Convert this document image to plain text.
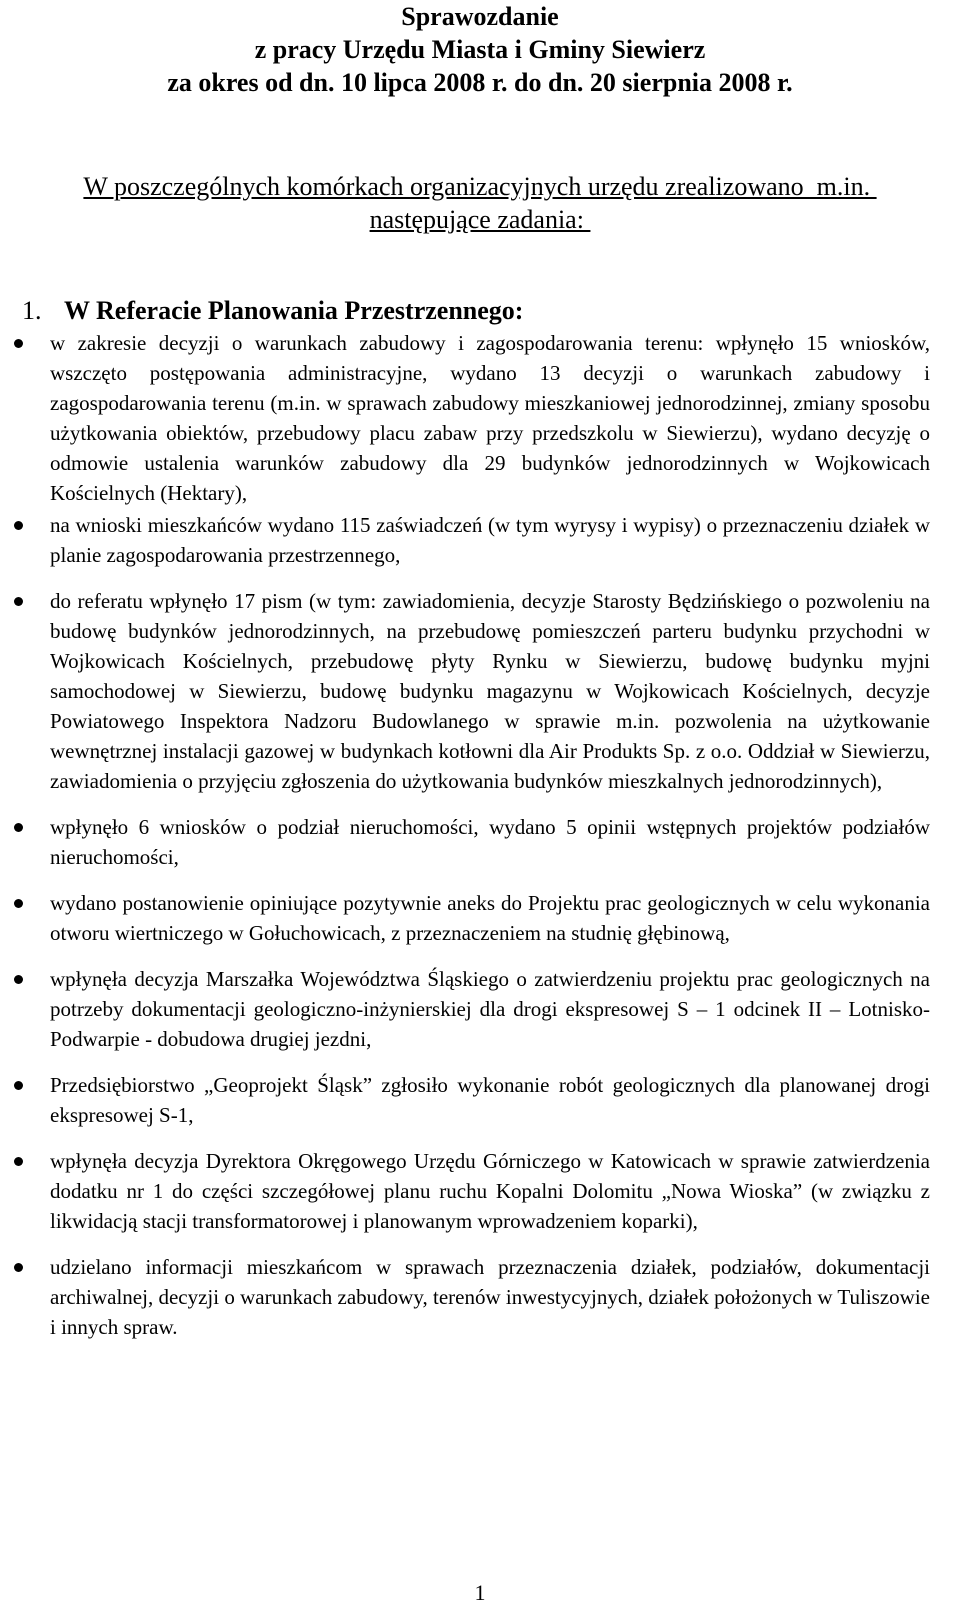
Sprawozdanie
z pracy Urzędu Miasta i Gminy Siewierz
za okres od dn. 10 lipca 2008 r. do dn. 20 sierpnia 2008 r.
W poszczególnych komórkach organizacyjnych urzędu zrealizowano  m.in.
następujące zadania:
1. W Referacie Planowania Przestrzennego:
w zakresie decyzji o warunkach zabudowy i zagospodarowania terenu: wpłynęło 15 wniosków, wszczęto postępowania administracyjne, wydano 13 decyzji o warunkach zabudowy i zagospodarowania terenu (m.in. w sprawach zabudowy mieszkaniowej jednorodzinnej, zmiany sposobu użytkowania obiektów, przebudowy placu zabaw przy przedszkolu w Siewierzu), wydano decyzję o odmowie ustalenia warunków zabudowy dla 29 budynków jednorodzinnych w Wojkowicach Kościelnych (Hektary),
na wnioski mieszkańców wydano 115 zaświadczeń (w tym wyrysy i wypisy) o przeznaczeniu działek w planie zagospodarowania przestrzennego,
do referatu wpłynęło 17 pism (w tym: zawiadomienia, decyzje Starosty Będzińskiego o pozwoleniu na budowę budynków jednorodzinnych, na przebudowę pomieszczeń parteru budynku przychodni w Wojkowicach Kościelnych, przebudowę płyty Rynku w Siewierzu, budowę budynku myjni samochodowej w Siewierzu, budowę budynku magazynu w Wojkowicach Kościelnych, decyzje Powiatowego Inspektora Nadzoru Budowlanego w sprawie m.in. pozwolenia na użytkowanie wewnętrznej instalacji gazowej w budynkach kotłowni dla Air Produkts Sp. z o.o. Oddział w Siewierzu, zawiadomienia o przyjęciu zgłoszenia do użytkowania budynków mieszkalnych jednorodzinnych),
wpłynęło 6 wniosków o podział nieruchomości, wydano 5 opinii wstępnych projektów podziałów nieruchomości,
wydano postanowienie opiniujące pozytywnie aneks do Projektu prac geologicznych w celu wykonania otworu wiertniczego w Gołuchowicach, z przeznaczeniem na studnię głębinową,
wpłynęła decyzja Marszałka Województwa Śląskiego o zatwierdzeniu projektu prac geologicznych na potrzeby dokumentacji geologiczno-inżynierskiej dla drogi ekspresowej S – 1 odcinek II – Lotnisko-Podwarpie - dobudowa drugiej jezdni,
Przedsiębiorstwo „Geoprojekt Śląsk” zgłosiło wykonanie robót geologicznych dla planowanej drogi ekspresowej S-1,
wpłynęła decyzja Dyrektora Okręgowego Urzędu Górniczego w Katowicach w sprawie zatwierdzenia dodatku nr 1 do części szczegółowej planu ruchu Kopalni Dolomitu „Nowa Wioska” (w związku z likwidacją stacji transformatorowej i planowanym wprowadzeniem koparki),
udzielano informacji mieszkańcom w sprawach przeznaczenia działek, podziałów, dokumentacji archiwalnej, decyzji o warunkach zabudowy, terenów inwestycyjnych, działek położonych w Tuliszowie i innych spraw.
1
